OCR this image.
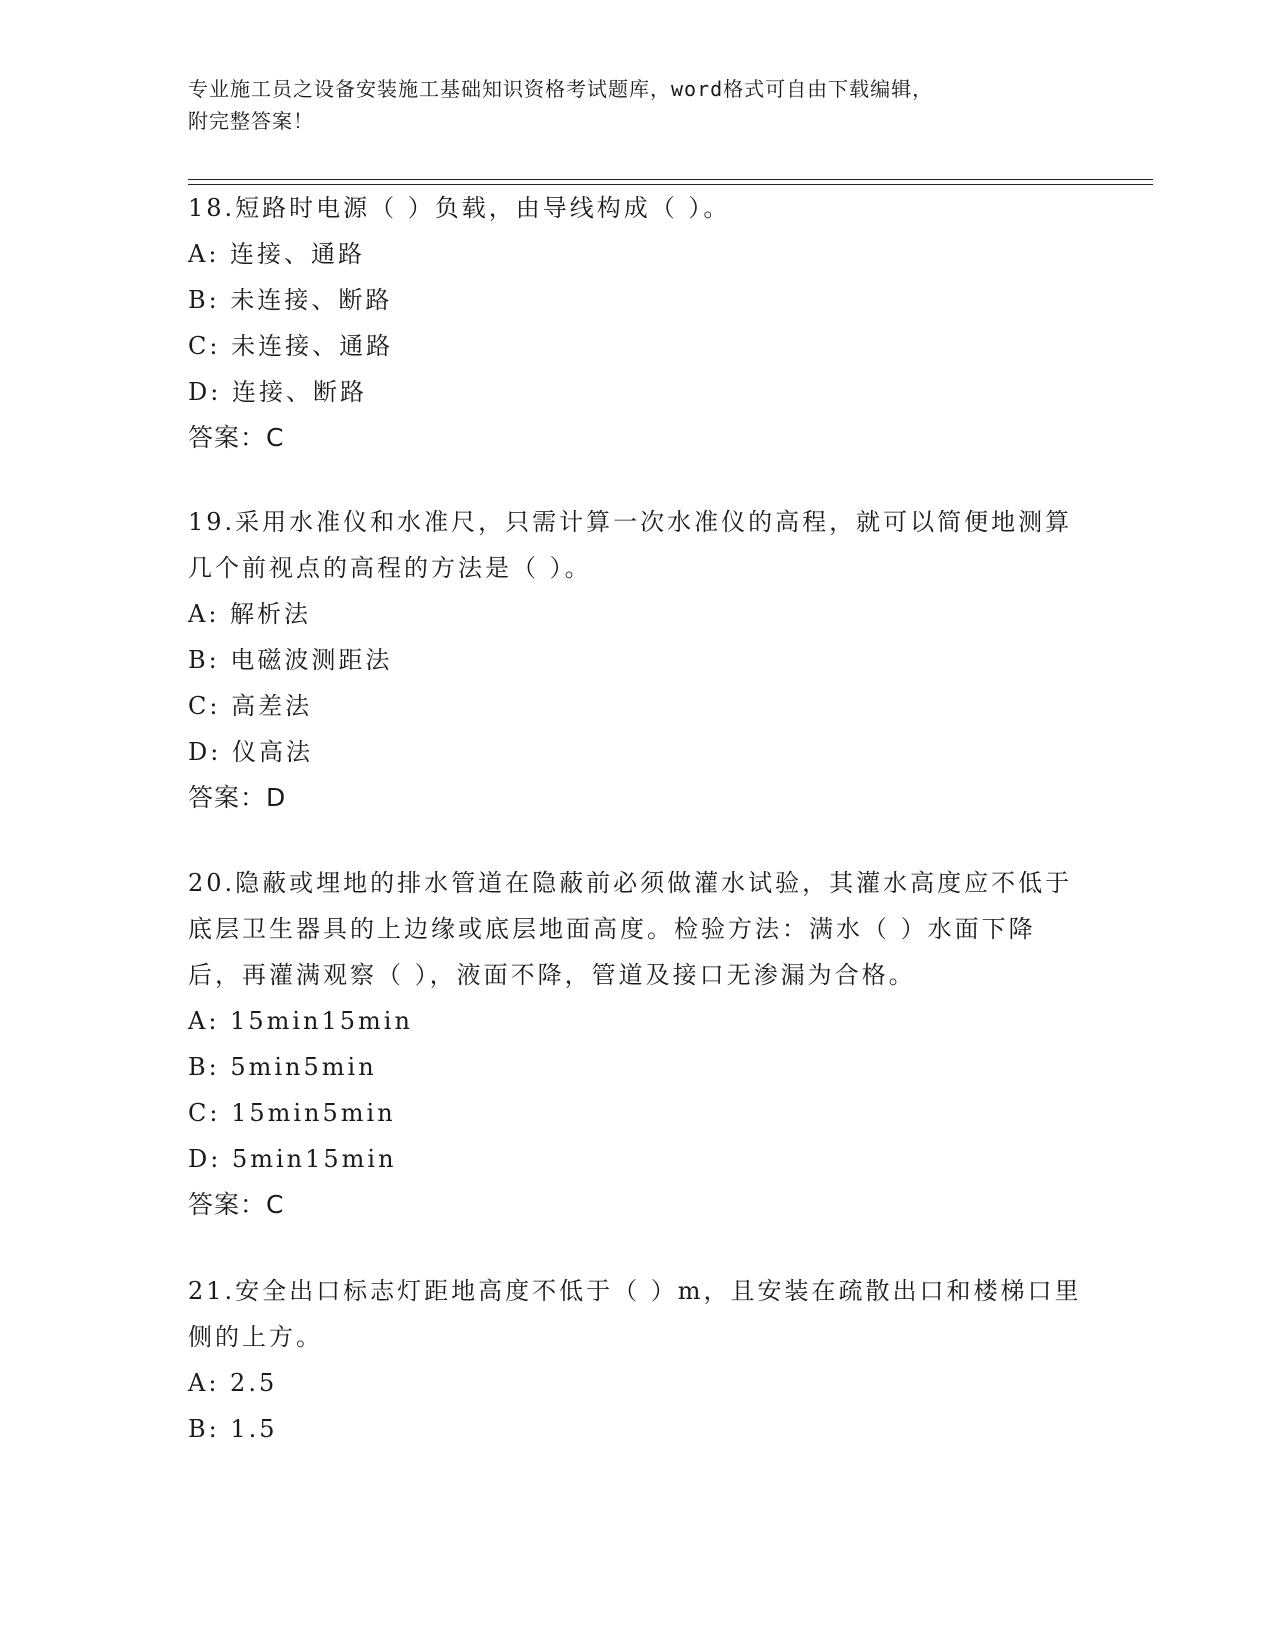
专业施工员之设备安装施工基础知识资格考试题库，word格式可自由下载编辑，
附完整答案！

18.短路时电源（ ）负载，由导线构成（ ）。

A: 连接、通路
B: 未连接、断路
C: 未连接、通路
D: 连接、断路
答案：C

19.采用水准仪和水准尺，只需计算一次水准仪的高程，就可以简便地测算几个前视点的高程的方法是（ ）。

A: 解析法
B: 电磁波测距法
C: 高差法
D: 仪高法
答案：D

20.隐蔽或埋地的排水管道在隐蔽前必须做灌水试验，其灌水高度应不低于底层卫生器具的上边缘或底层地面高度。检验方法：满水（ ）水面下降后，再灌满观察（ ），液面不降，管道及接口无渗漏为合格。

A: 15min15min
B: 5min5min
C: 15min5min
D: 5min15min
答案：C

21.安全出口标志灯距地高度不低于（ ）m，且安装在疏散出口和楼梯口里侧的上方。

A: 2.5
B: 1.5
